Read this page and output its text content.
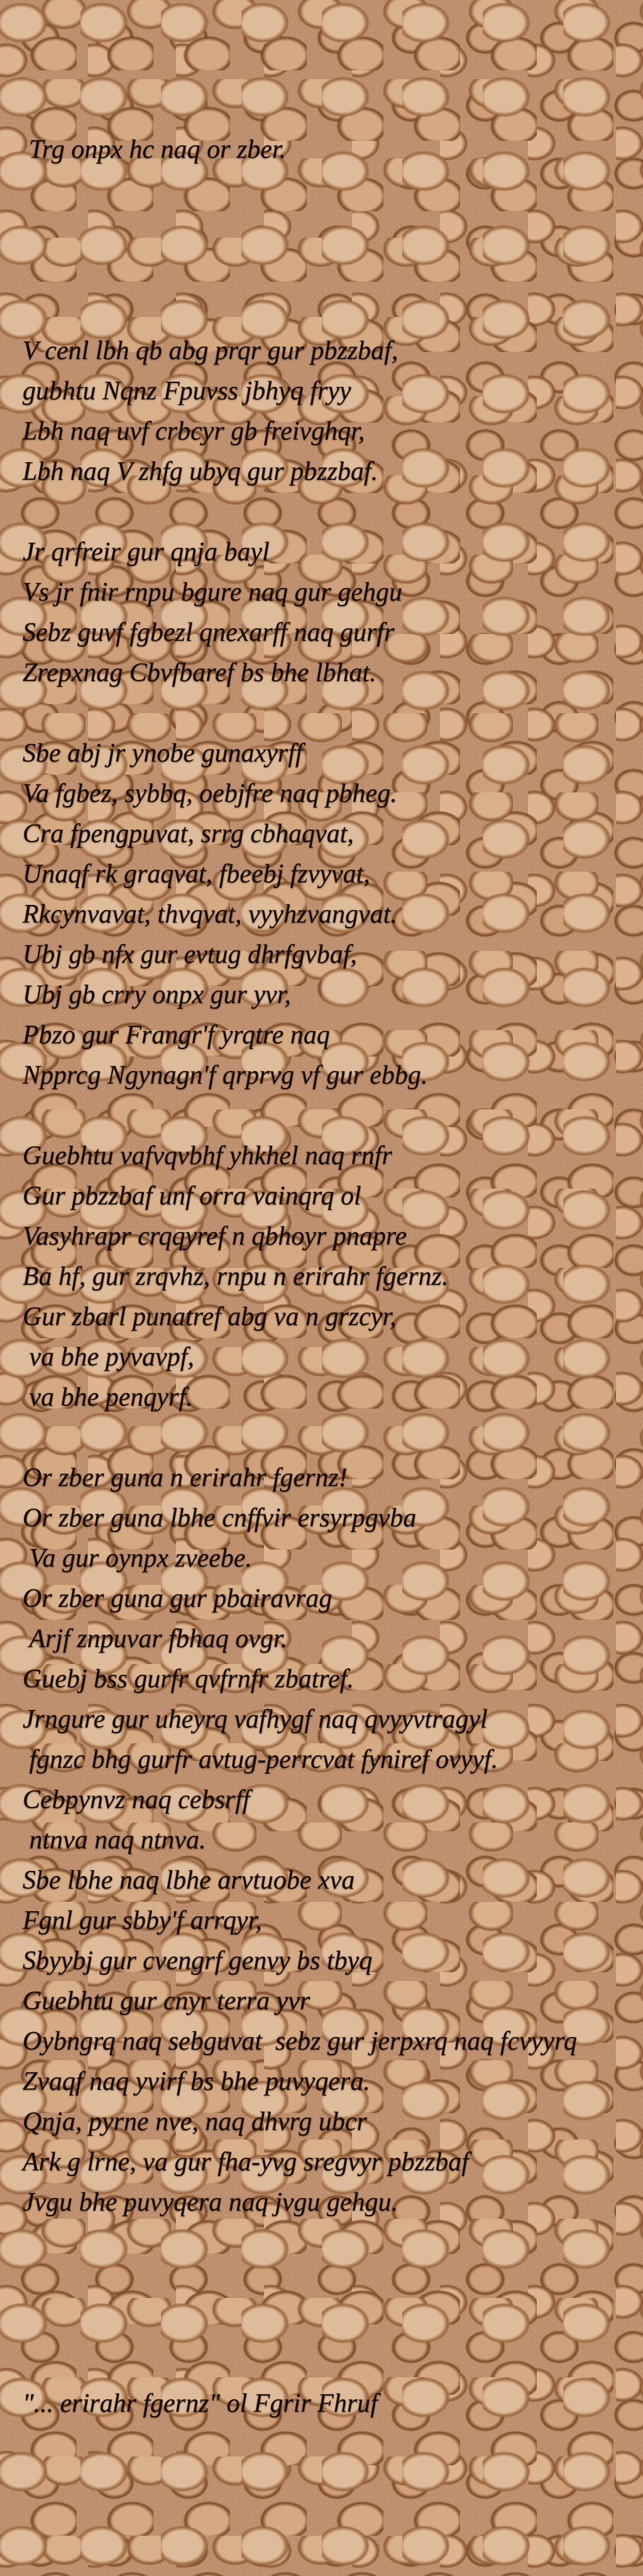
Trg onpx hc naq or zber.

V cenl lbh qb abg prqr gur pbzzbaf,
gubhtu Nqnz Fpuvss jbhyq fryy
Lbh naq uvf crbcyr gb freivghqr,
Lbh naq V zhfg ubyq gur pbzzbaf.
Jr qrfreir gur qnja bayl
Vs jr fnir rnpu bgure naq gur gehgu
Sebz guvf fgbezl qnexarff naq gurfr
Zrepxnag Cbvfbaref bs bhe lbhat.
Sbe abj jr ynobe gunaxyrff
Va fgbez, sybbq, oebjfre naq pbheg.
Cra fpengpuvat, srrg cbhaqvat,
Unaqf rk graqvat, fbeebj fzvyvat,
Rkcynvavat, thvqvat, vyyhzvangvat.
Ubj gb nfx gur evtug dhrfgvbaf,
Ubj gb crry onpx gur yvr,
Pbzo gur Frangr'f yrqtre naq
Npprcg Ngynagn'f qrprvg vf gur ebbg.
Guebhtu vafvqvbhf yhkhel naq rnfr
Gur pbzzbaf unf orra vainqrq ol
Vasyhrapr crqqyref n qbhoyr pnapre
Ba hf, gur zrqvhz, rnpu n erirahr fgernz.
Gur zbarl punatref abg va n grzcyr,
va bhe pyvavpf,
va bhe penqyrf.
Or zber guna n erirahr fgernz!
Or zber guna lbhe cnffvir ersyrpgvba
Va gur oynpx zveebe.
Or zber guna gur pbairavrag
Arjf znpuvar fbhaq ovgr.
Guebj bss gurfr qvfrnfr zbatref.
Jrngure gur uheyrq vafhygf naq qvyyvtragyl
fgnzc bhg gurfr avtug-perrcvat fyniref ovyyf.
Cebpynvz naq cebsrff
ntnva naq ntnva.
Sbe lbhe naq lbhe arvtuobe xva
Fgnl gur sbby'f arrqyr,
Sbyybj gur cvengrf genvy bs tbyq
Guebhtu gur cnyr terra yvr
Oybngrq naq sebguvat  sebz gur jerpxrq naq fcvyyrq
Zvaqf naq yvirf bs bhe puvyqera.
Qnja, pyrne nve, naq dhvrg ubcr
Ark g lrne, va gur fha-yvg sregvyr pbzzbaf
Jvgu bhe puvyqera naq jvgu gehgu.

"... erirahr fgernz" ol Fgrir Fhruf
